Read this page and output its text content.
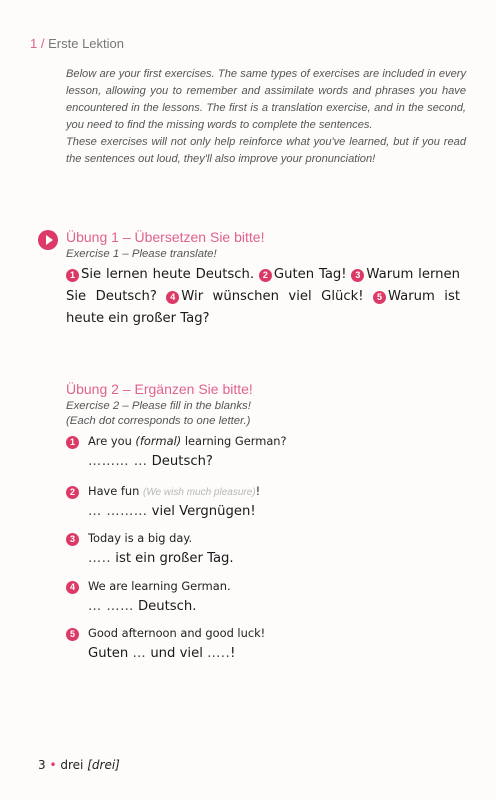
1 / Erste Lektion

Below are your first exercises. The same types of exercises are included in every lesson, allowing you to remember and assimilate words and phrases you have encountered in the lessons. The first is a translation exercise, and in the second, you need to find the missing words to complete the sentences.

These exercises will not only help reinforce what you've learned, but if you read the sentences out loud, they'll also improve your pronunciation!

Übung 1 – Übersetzen Sie bitte!
Exercise 1 – Please translate!
1 Sie lernen heute Deutsch. 2 Guten Tag! 3 Warum lernen Sie Deutsch? 4 Wir wünschen viel Glück! 5 Warum ist heute ein großer Tag?
Übung 2 – Ergänzen Sie bitte!
Exercise 2 – Please fill in the blanks!
(Each dot corresponds to one letter.)
1	Are you (formal) learning German?
……… … Deutsch?
2	Have fun (We wish much pleasure)!
… ……… viel Vergnügen!
3	Today is a big day.
….. ist ein großer Tag.
4	We are learning German.
… …… Deutsch.
5	Good afternoon and good luck!
Guten … und viel …..!
3 • drei [drei]
